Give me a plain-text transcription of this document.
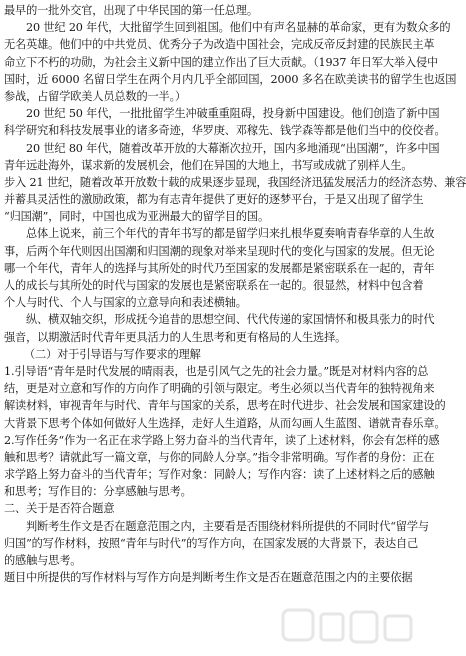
最早的一批外交官，出现了中华民国的第一任总理。
20 世纪 20 年代，大批留学生回到祖国。他们中有声名显赫的革命家，更有为数众多的
无名英雄。他们中的中共党员、优秀分子为改造中国社会，完成反帝反封建的民族民主革
命立下不朽的功勋，为社会主义新中国的建立作出了巨大贡献。（1937 年日军大举入侵中
国时，近 6000 名留日学生在两个月内几乎全部回国，2000 多名在欧美读书的留学生也返国
参战，占留学欧美人员总数的一半。）
20 世纪 50 年代，一批批留学生冲破重重阻碍，投身新中国建设。他们创造了新中国
科学研究和科技发展事业的诸多奇迹，华罗庚、邓稼先、钱学森等都是他们当中的佼佼者。
20 世纪 80 年代，随着改革开放的大幕渐次拉开，国内多地涌现“出国潮”，许多中国
青年远赴海外，谋求新的发展机会，他们在异国的大地上，书写或成就了别样人生。
步入 21 世纪，随着改革开放数十载的成果逐步显现，我国经济迅猛发展活力的经济态势、兼容
并蓄具灵活性的激励政策，都为有志青年提供了更好的逐梦平台，于是又出现了留学生
“归国潮”，同时，中国也成为亚洲最大的留学目的国。
总体上说来，前三个年代的青年书写的都是留学归来扎根华夏奏响青春华章的人生故
事，后两个年代则因出国潮和归国潮的现象对举来呈现时代的变化与国家的发展。但无论
哪一个年代，青年人的选择与其所处的时代乃至国家的发展都是紧密联系在一起的，青年
人的成长与其所处的时代与国家的发展也是紧密联系在一起的。很显然，材料中包含着
个人与时代、个人与国家的立意导向和表述横轴。
纵、横双轴交织，形成抚今追昔的思想空间、代代传递的家国情怀和极具张力的时代
强音，以期激活时代青年更具活力的人生思考和更有格局的人生选择。
（二）对于引导语与写作要求的理解
1.引导语“青年是时代发展的晴雨表，也是引风气之先的社会力量。”既是对材料内容的总
结，更是对立意和写作的方向作了明确的引领与限定。考生必须以当代青年的独特视角来
解读材料，审视青年与时代、青年与国家的关系，思考在时代进步、社会发展和国家建设的
大背景下思考个体如何做好人生选择，走好人生道路，从而勾画人生蓝图、谱就青春乐章。
2.写作任务“作为一名正在求学路上努力奋斗的当代青年，读了上述材料，你会有怎样的感
触和思考？请就此写一篇文章，与你的同龄人分享。”指令非常明确。写作者的身份：正在
求学路上努力奋斗的当代青年；写作对象：同龄人；写作内容：读了上述材料之后的感触
和思考；写作目的：分享感触与思考。
二、关于是否符合题意
判断考生作文是否在题意范围之内，主要看是否围绕材料所提供的不同时代“留学与
归国”的写作材料，按照“青年与时代”的写作方向，在国家发展的大背景下，表达自己
的感触与思考。
题目中所提供的写作材料与写作方向是判断考生作文是否在题意范围之内的主要依据
